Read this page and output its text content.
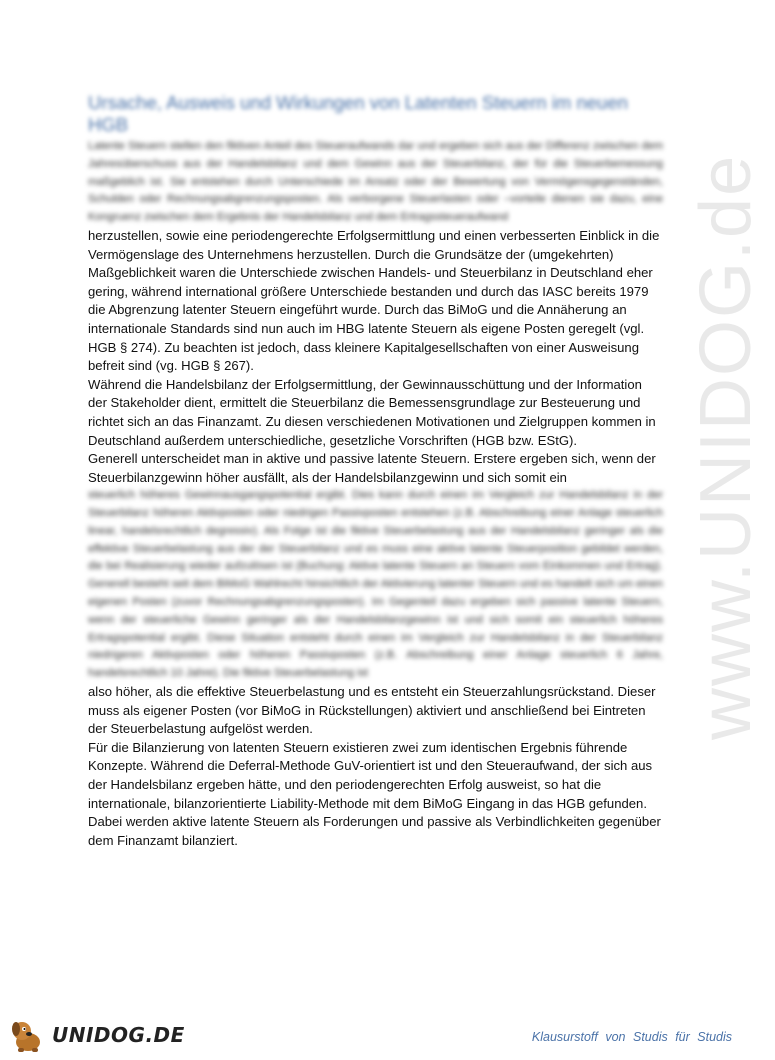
www.UNIDOG.de
Ursache, Ausweis und Wirkungen von Latenten Steuern im neuen HGB

Latente Steuern stellen den fiktiven Anteil des Steueraufwands dar und ergeben sich aus der Differenz zwischen dem Jahresüberschuss aus der Handelsbilanz und dem Gewinn aus der Steuerbilanz, der für die Steuerbemessung maßgeblich ist. Sie entstehen durch Unterschiede im Ansatz oder der Bewertung von Vermögensgegenständen, Schulden oder Rechnungsabgrenzungsposten. Als verborgene Steuerlasten oder –vorteile dienen sie dazu, eine Kongruenz zwischen dem Ergebnis der Handelsbilanz und dem Ertragssteueraufwand

herzustellen, sowie eine periodengerechte Erfolgsermittlung und einen verbesserten Einblick in die Vermögenslage des Unternehmens herzustellen. Durch die Grundsätze der (umgekehrten) Maßgeblichkeit waren die Unterschiede zwischen Handels- und Steuerbilanz in Deutschland eher gering, während international größere Unterschiede bestanden und durch das IASC bereits 1979 die Abgrenzung latenter Steuern eingeführt wurde. Durch das BiMoG und die Annäherung an internationale Standards sind nun auch im HBG latente Steuern als eigene Posten geregelt (vgl. HGB § 274). Zu beachten ist jedoch, dass kleinere Kapitalgesellschaften von einer Ausweisung befreit sind (vg. HGB § 267).

Während die Handelsbilanz der Erfolgsermittlung, der Gewinnausschüttung und der Information der Stakeholder dient, ermittelt die Steuerbilanz die Bemessensgrundlage zur Besteuerung und richtet sich an das Finanzamt. Zu diesen verschiedenen Motivationen und Zielgruppen kommen in Deutschland außerdem unterschiedliche, gesetzliche Vorschriften (HGB bzw. EStG).

Generell unterscheidet man in aktive und passive latente Steuern. Erstere ergeben sich, wenn der Steuerbilanzgewinn höher ausfällt, als der Handelsbilanzgewinn und sich somit ein

steuerlich höheres Gewinnausgangspotential ergibt. Dies kann durch einen im Vergleich zur Handelsbilanz in der Steuerbilanz höheren Aktivposten oder niedrigen Passivposten entstehen (z.B. Abschreibung einer Anlage steuerlich linear, handelsrechtlich degressiv). Als Folge ist die fiktive Steuerbelastung aus der Handelsbilanz geringer als die effektive Steuerbelastung aus der der Steuerbilanz und es muss eine aktive latente Steuerposition gebildet werden, die bei Realisierung wieder aufzulösen ist (Buchung: Aktive latente Steuern an Steuern vom Einkommen und Ertrag). Generell besteht seit dem BiMoG Wahlrecht hinsichtlich der Aktivierung latenter Steuern und es handelt sich um einen eigenen Posten (zuvor Rechnungsabgrenzungsposten). Im Gegenteil dazu ergeben sich passive latente Steuern, wenn der steuerliche Gewinn geringer als der Handelsbilanzgewinn ist und sich somit ein steuerlich höheres Ertragspotential ergibt. Diese Situation entsteht durch einen im Vergleich zur Handelsbilanz in der Steuerbilanz niedrigeren Aktivposten oder höheren Passivposten (z.B. Abschreibung einer Anlage steuerlich 6 Jahre, handelsrechtlich 10 Jahre). Die fiktive Steuerbelastung ist

also höher, als die effektive Steuerbelastung und es entsteht ein Steuerzahlungsrückstand. Dieser muss als eigener Posten (vor BiMoG in Rückstellungen) aktiviert und anschließend bei Eintreten der Steuerbelastung aufgelöst werden.

Für die Bilanzierung von latenten Steuern existieren zwei zum identischen Ergebnis führende Konzepte. Während die Deferral-Methode GuV-orientiert ist und den Steueraufwand, der sich aus der Handelsbilanz ergeben hätte, und den periodengerechten Erfolg ausweist, so hat die internationale, bilanzorientierte Liability-Methode mit dem BiMoG Eingang in das HGB gefunden. Dabei werden aktive latente Steuern als Forderungen und passive als Verbindlichkeiten gegenüber dem Finanzamt bilanziert.

UNIDOG.DE	Klausurstoff von Studis für Studis
